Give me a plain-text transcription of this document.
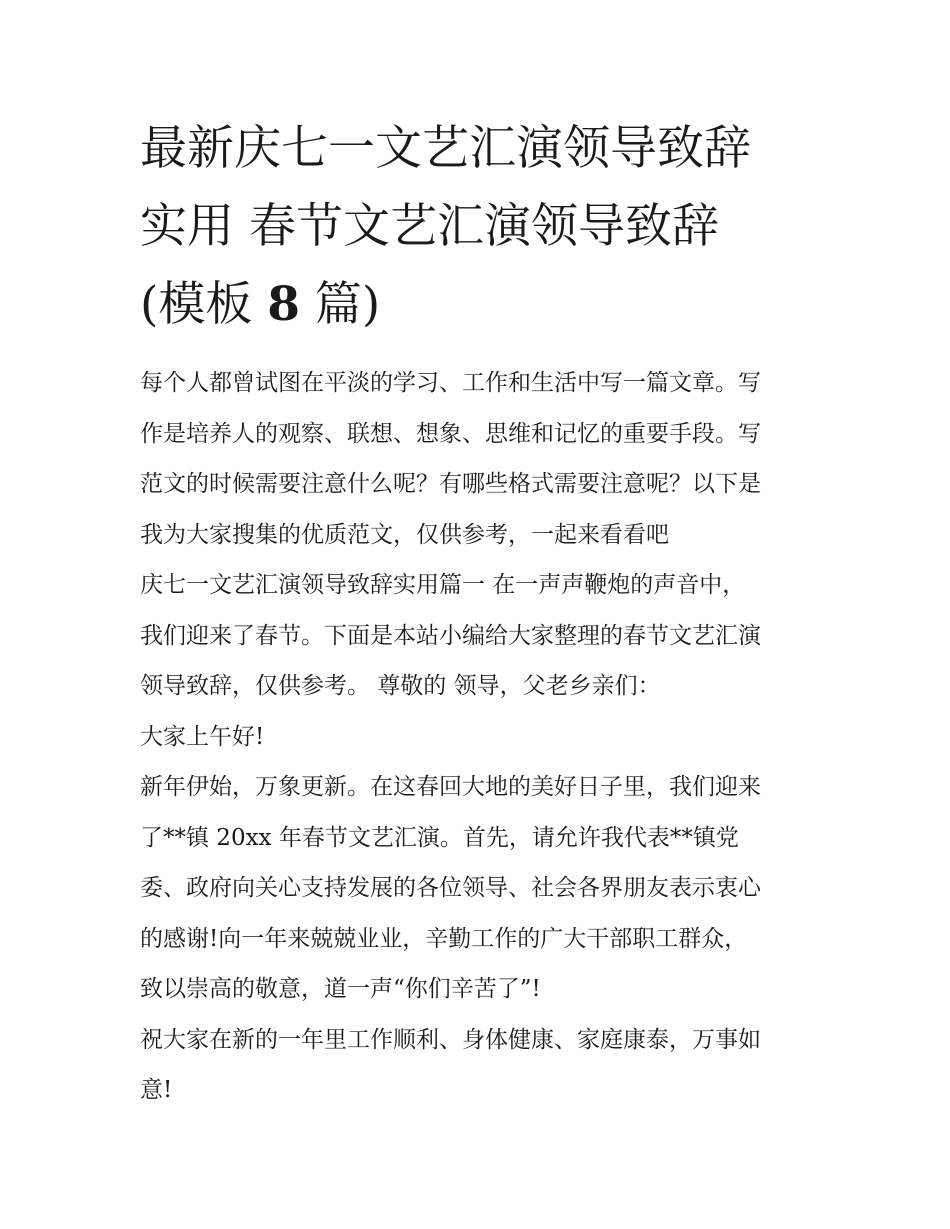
最新庆七一文艺汇演领导致辞
实用 春节文艺汇演领导致辞
(模板 8 篇)
每个人都曾试图在平淡的学习、工作和生活中写一篇文章。写
作是培养人的观察、联想、想象、思维和记忆的重要手段。写
范文的时候需要注意什么呢？有哪些格式需要注意呢？以下是
我为大家搜集的优质范文，仅供参考，一起来看看吧
庆七一文艺汇演领导致辞实用篇一 在一声声鞭炮的声音中，
我们迎来了春节。下面是本站小编给大家整理的春节文艺汇演
领导致辞，仅供参考。 尊敬的 领导，父老乡亲们：
大家上午好!
新年伊始，万象更新。在这春回大地的美好日子里，我们迎来
了**镇 20xx 年春节文艺汇演。首先，请允许我代表**镇党
委、政府向关心支持发展的各位领导、社会各界朋友表示衷心
的感谢!向一年来兢兢业业，辛勤工作的广大干部职工群众，
致以崇高的敬意，道一声“你们辛苦了”!
祝大家在新的一年里工作顺利、身体健康、家庭康泰，万事如
意!
